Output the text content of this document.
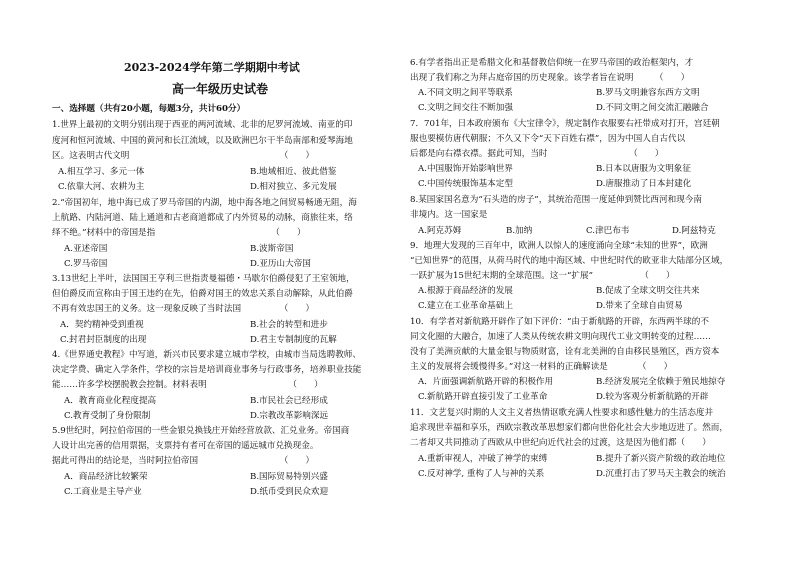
2023-2024学年第二学期期中考试
高一年级历史试卷
一、选择题（共有20小题，每题3分，共计60分）
1.世界上最初的文明分别出现于西亚的两河流域、北非的尼罗河流域、南亚的印
度河和恒河流域、中国的黄河和长江流域，以及欧洲巴尔干半岛南部和爱琴海地
区。这表明古代文明　　　　　　　　　　　　　　　　　　（　　）
A.相互学习、多元一体	B.地域相近、彼此借鉴
C.依靠大河、农耕为主	D.相对独立、多元发展
2.“帝国初年，地中海已成了罗马帝国的内湖，地中海各地之间贸易畅通无阻，海
上航路、内陆河道、陆上通道和古老商道都成了内外贸易的动脉，商旅往来，络
绎不绝。”材料中的帝国是指　　　　　　　　　　　　　　（　　）
A.亚述帝国	B.波斯帝国
C.罗马帝国	D.亚历山大帝国
3.13世纪上半叶，法国国王亨利三世指责曼福德・马歇尔伯爵侵犯了王室领地，
但伯爵反而宣称由于国王违约在先，伯爵对国王的效忠关系自动解除，从此伯爵
不再有效忠国王的义务。这一现象反映了当时法国　　　　　（　　）
A．契约精神受到重视	B.社会的转型和进步
C.封君封臣制度的出现	D.君主专制制度的瓦解
4.《世界通史教程》中写道，新兴市民要求建立城市学校，由城市当局选聘教师、
决定学费、确定入学条件，学校的宗旨是培训商业事务与行政事务，培养职业技能
能……许多学校摆脱教会控制。材料表明　　　　　　　　　　（　　）
A．教育商业化程度提高	B.市民社会已经形成
C.教育受制了身份限制	D.宗教改革影响深远
5.9世纪时，阿拉伯帝国的一些金银兑换钱庄开始经营放款、汇兑业务。帝国商
人设计出完善的信用票据，支票持有者可在帝国的遥远城市兑换现金。
据此可得出的结论是，当时阿拉伯帝国　　　　　　　　　　（　　）
A．商品经济比较繁荣	B.国际贸易特别兴盛
C.工商业是主导产业	D.纸币受到民众欢迎
6.有学者指出正是希腊文化和基督教信仰统一在罗马帝国的政治框架内，才
出现了我们称之为拜占庭帝国的历史现象。该学者旨在说明　　　（　　）
A.不同文明之间平等联系	B.罗马文明兼容东西方文明
C.文明之间交往不断加强	D.不同文明之间交流汇融融合
7．701年，日本政府颁布《大宝律令》，规定制作衣服要右衽带成对打开，宫廷朝
服也要模仿唐代朝服；不久又下令“天下百姓右襟”，因为中国人自古代以
后都是向右襟衣襟。据此可知，当时　　　　　　　　　　（　　）
A.中国服饰开始影响世界	B.日本以唐服为文明象征
C.中国传统服饰基本定型	D.唐服推动了日本封建化
8.某国家国名意为“石头造的房子”，其统治范围一度延伸到赞比西河和现今南
非境内。这一国家是
A.阿克苏姆	B.加纳	C.津巴布韦	D.阿兹特克
9．地理大发现的三百年中，欧洲人以惊人的速度涌向全球“未知的世界”，欧洲
“已知世界”的范围，从荷马时代的地中海区域、中世纪时代的欧亚非大陆部分区域，
一跃扩展为15世纪末期的全球范围。这一“扩展”　　　　　　（　　）
A.根源于商品经济的发展	B.促成了全球文明交往共来
C.建立在工业革命基础上	D.带来了全球自由贸易
10．有学者对新航路开辟作了如下评价：“由于新航路的开辟，东西两半球的不
同文化圈的大融合，加速了人类从传统农耕文明向现代工业文明转变的过程……
没有了美洲贡献的大量金银与物质财富，诠有北美洲的自由移民垦殖区，西方资本
主义的发展将会缓慢得多。”对这一材料的正确解读是　　　　（　　）
A．片面强调新航路开辟的积极作用	B.经济发展完全依赖于殖民地掠夺
C.新航路开辟直接引发了工业革命	D.较为客观分析新航路的开辟
11．文艺复兴时期的人文主义者热情讴歌充满人性要求和感性魅力的生活态度并
追求现世幸福和享乐，西欧宗教改革思想家们都向世俗化社会大步地迈进了。然而，
二者却又共同推动了西欧从中世纪向近代社会的过渡，这是因为他们都（　　）
A.重新审视人，冲破了神学的束缚	B.提升了新兴资产阶级的政治地位
C.反对神学, 重构了人与神的关系	D.沉重打击了罗马天主教会的统治
